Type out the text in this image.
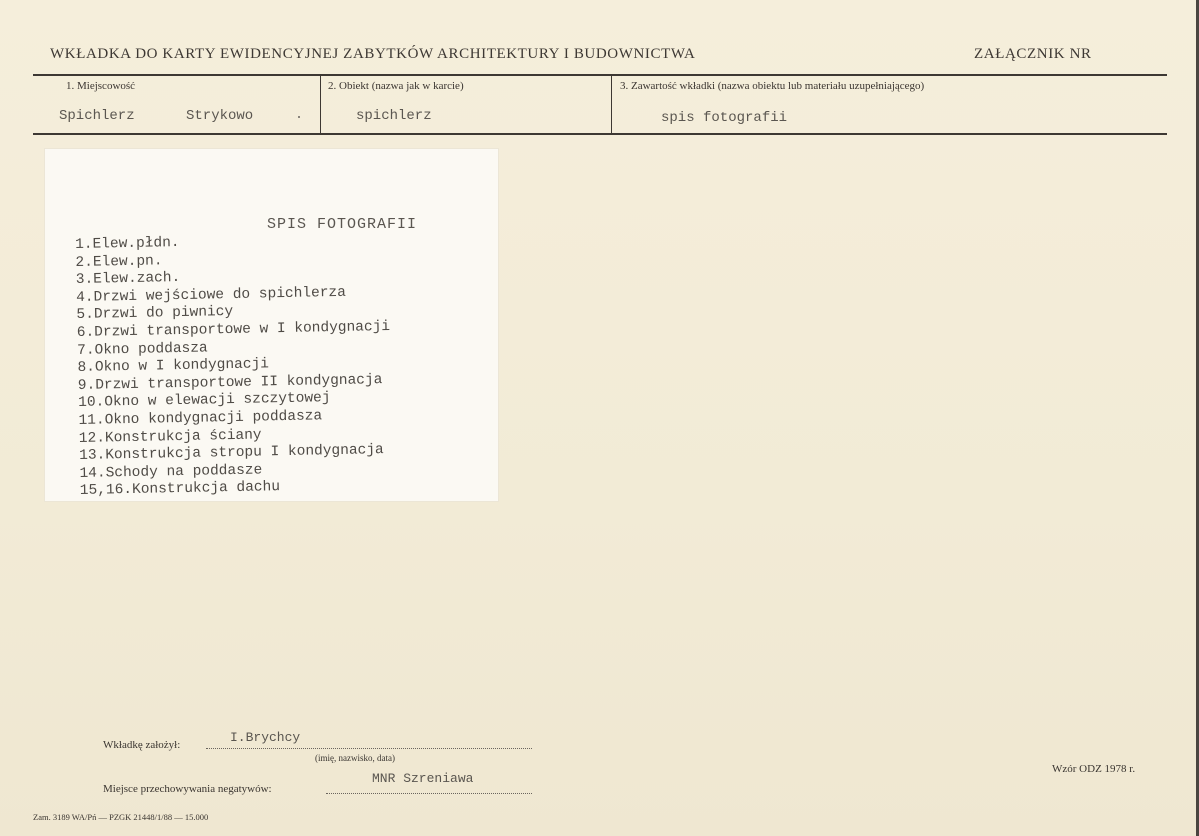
WKŁADKA DO KARTY EWIDENCYJNEJ ZABYTKÓW ARCHITEKTURY I BUDOWNICTWA	ZAŁĄCZNIK NR
1. Miejscowość
Spichlerz	Strykowo
2. Obiekt (nazwa jak w karcie)
spichlerz
3. Zawartość wkładki (nazwa obiektu lub materiału uzupełniającego)
spis fotografii
SPIS FOTOGRAFII
1.Elew.płdn.
2.Elew.pn.
3.Elew.zach.
4.Drzwi wejściowe do spichlerza
5.Drzwi do piwnicy
6.Drzwi transportowe w I kondygnacji
7.Okno poddasza
8.Okno w I kondygnacji
9.Drzwi transportowe II kondygnacja
10.Okno w elewacji szczytowej
11.Okno kondygnacji poddasza
12.Konstrukcja ściany
13.Konstrukcja stropu I kondygnacja
14.Schody na poddasze
15,16.Konstrukcja dachu
Wkładkę założył:	I.Brychcy
(imię, nazwisko, data)
Miejsce przechowywania negatywów:
MNR Szreniawa
Wzór ODZ 1978 r.
Zam. 3189 WA/Pń — PZGK 21448/1/88 — 15.000
